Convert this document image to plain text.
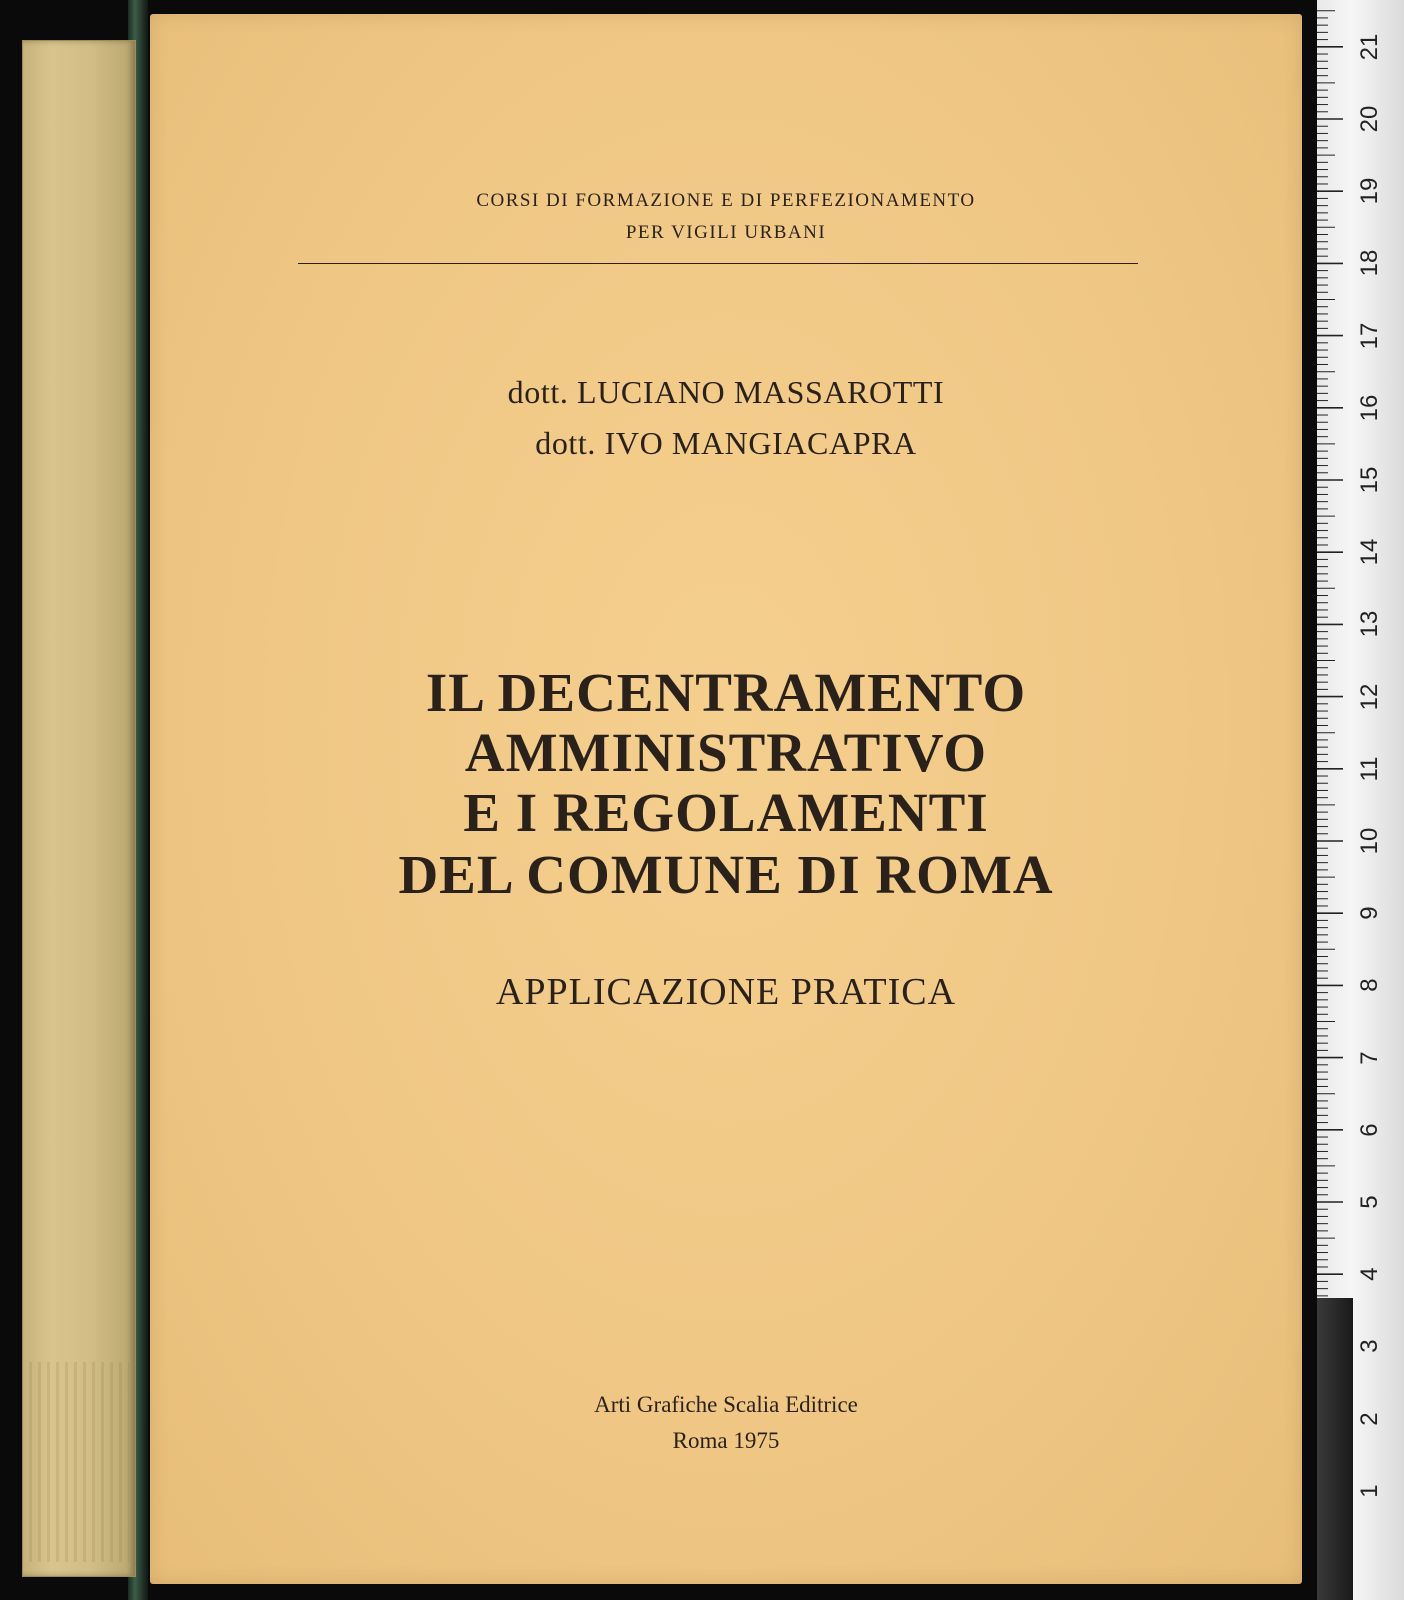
CORSI DI FORMAZIONE E DI PERFEZIONAMENTO
PER VIGILI URBANI
dott. LUCIANO MASSAROTTI
dott. IVO MANGIACAPRA
IL DECENTRAMENTO
AMMINISTRATIVO
E I REGOLAMENTI
DEL COMUNE DI ROMA
APPLICAZIONE PRATICA
Arti Grafiche Scalia Editrice
Roma 1975
1
2
3
4
5
6
7
8
9
10
11
12
13
14
15
16
17
18
19
20
21
